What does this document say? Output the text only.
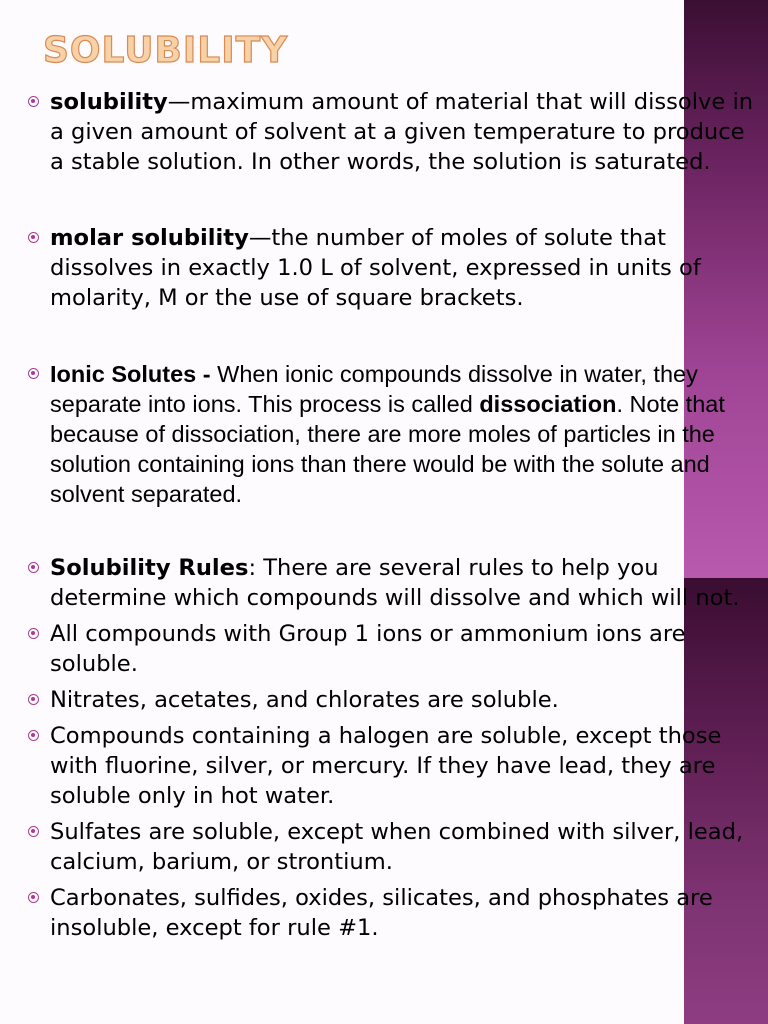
SOLUBILITY

solubility—maximum amount of material that will dissolve in a given amount of solvent at a given temperature to produce a stable solution. In other words, the solution is saturated.

molar solubility—the number of moles of solute that dissolves in exactly 1.0 L of solvent, expressed in units of molarity, M or the use of square brackets.

Ionic Solutes - When ionic compounds dissolve in water, they separate into ions. This process is called dissociation. Note that because of dissociation, there are more moles of particles in the solution containing ions than there would be with the solute and solvent separated.

Solubility Rules: There are several rules to help you determine which compounds will dissolve and which will not.

All compounds with Group 1 ions or ammonium ions are soluble.

Nitrates, acetates, and chlorates are soluble.

Compounds containing a halogen are soluble, except those with fluorine, silver, or mercury. If they have lead, they are soluble only in hot water.

Sulfates are soluble, except when combined with silver, lead, calcium, barium, or strontium.

Carbonates, sulfides, oxides, silicates, and phosphates are insoluble, except for rule #1.
